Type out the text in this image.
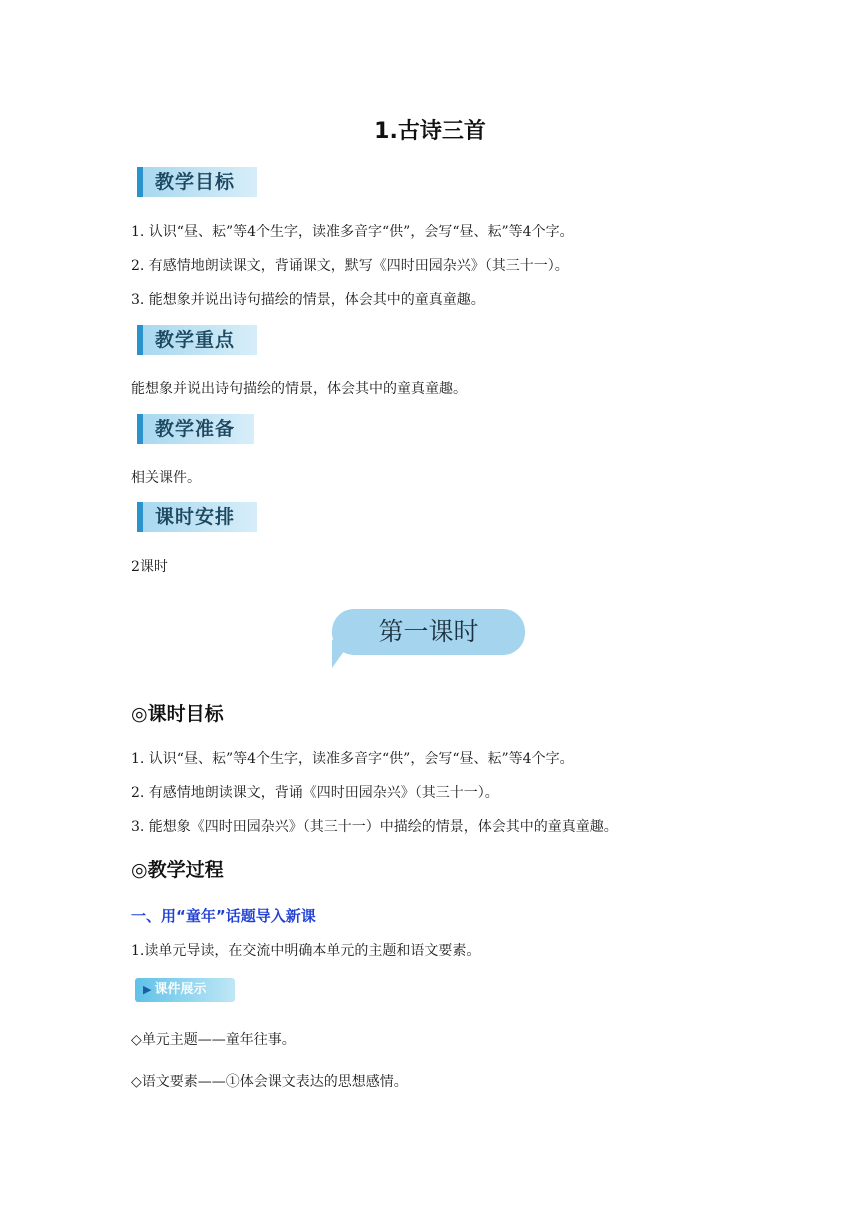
1.古诗三首
教学目标
1. 认识“昼、耘”等4个生字，读准多音字“供”，会写“昼、耘”等4个字。
2. 有感情地朗读课文，背诵课文，默写《四时田园杂兴》（其三十一）。
3. 能想象并说出诗句描绘的情景，体会其中的童真童趣。
教学重点
能想象并说出诗句描绘的情景，体会其中的童真童趣。
教学准备
相关课件。
课时安排
2课时
第一课时
◎课时目标
1. 认识“昼、耘”等4个生字，读准多音字“供”，会写“昼、耘”等4个字。
2. 有感情地朗读课文，背诵《四时田园杂兴》（其三十一）。
3. 能想象《四时田园杂兴》（其三十一）中描绘的情景，体会其中的童真童趣。
◎教学过程
一、用“童年”话题导入新课
1.读单元导读，在交流中明确本单元的主题和语文要素。
▶ 课件展示
◇单元主题——童年往事。
◇语文要素——①体会课文表达的思想感情。
